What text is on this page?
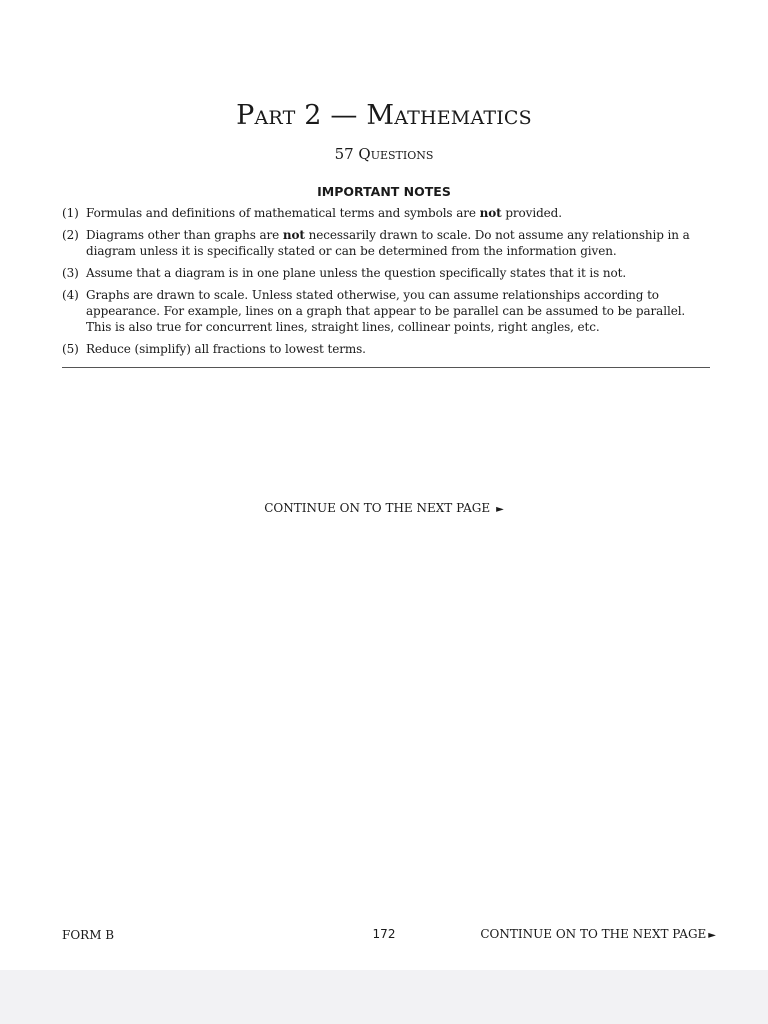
Part 2 — Mathematics
57 Questions
IMPORTANT NOTES
(1) Formulas and definitions of mathematical terms and symbols are not provided.
(2) Diagrams other than graphs are not necessarily drawn to scale. Do not assume any relationship in a diagram unless it is specifically stated or can be determined from the information given.
(3) Assume that a diagram is in one plane unless the question specifically states that it is not.
(4) Graphs are drawn to scale. Unless stated otherwise, you can assume relationships according to appearance. For example, lines on a graph that appear to be parallel can be assumed to be parallel. This is also true for concurrent lines, straight lines, collinear points, right angles, etc.
(5) Reduce (simplify) all fractions to lowest terms.
CONTINUE ON TO THE NEXT PAGE ►
FORM B	172	CONTINUE ON TO THE NEXT PAGE ►
